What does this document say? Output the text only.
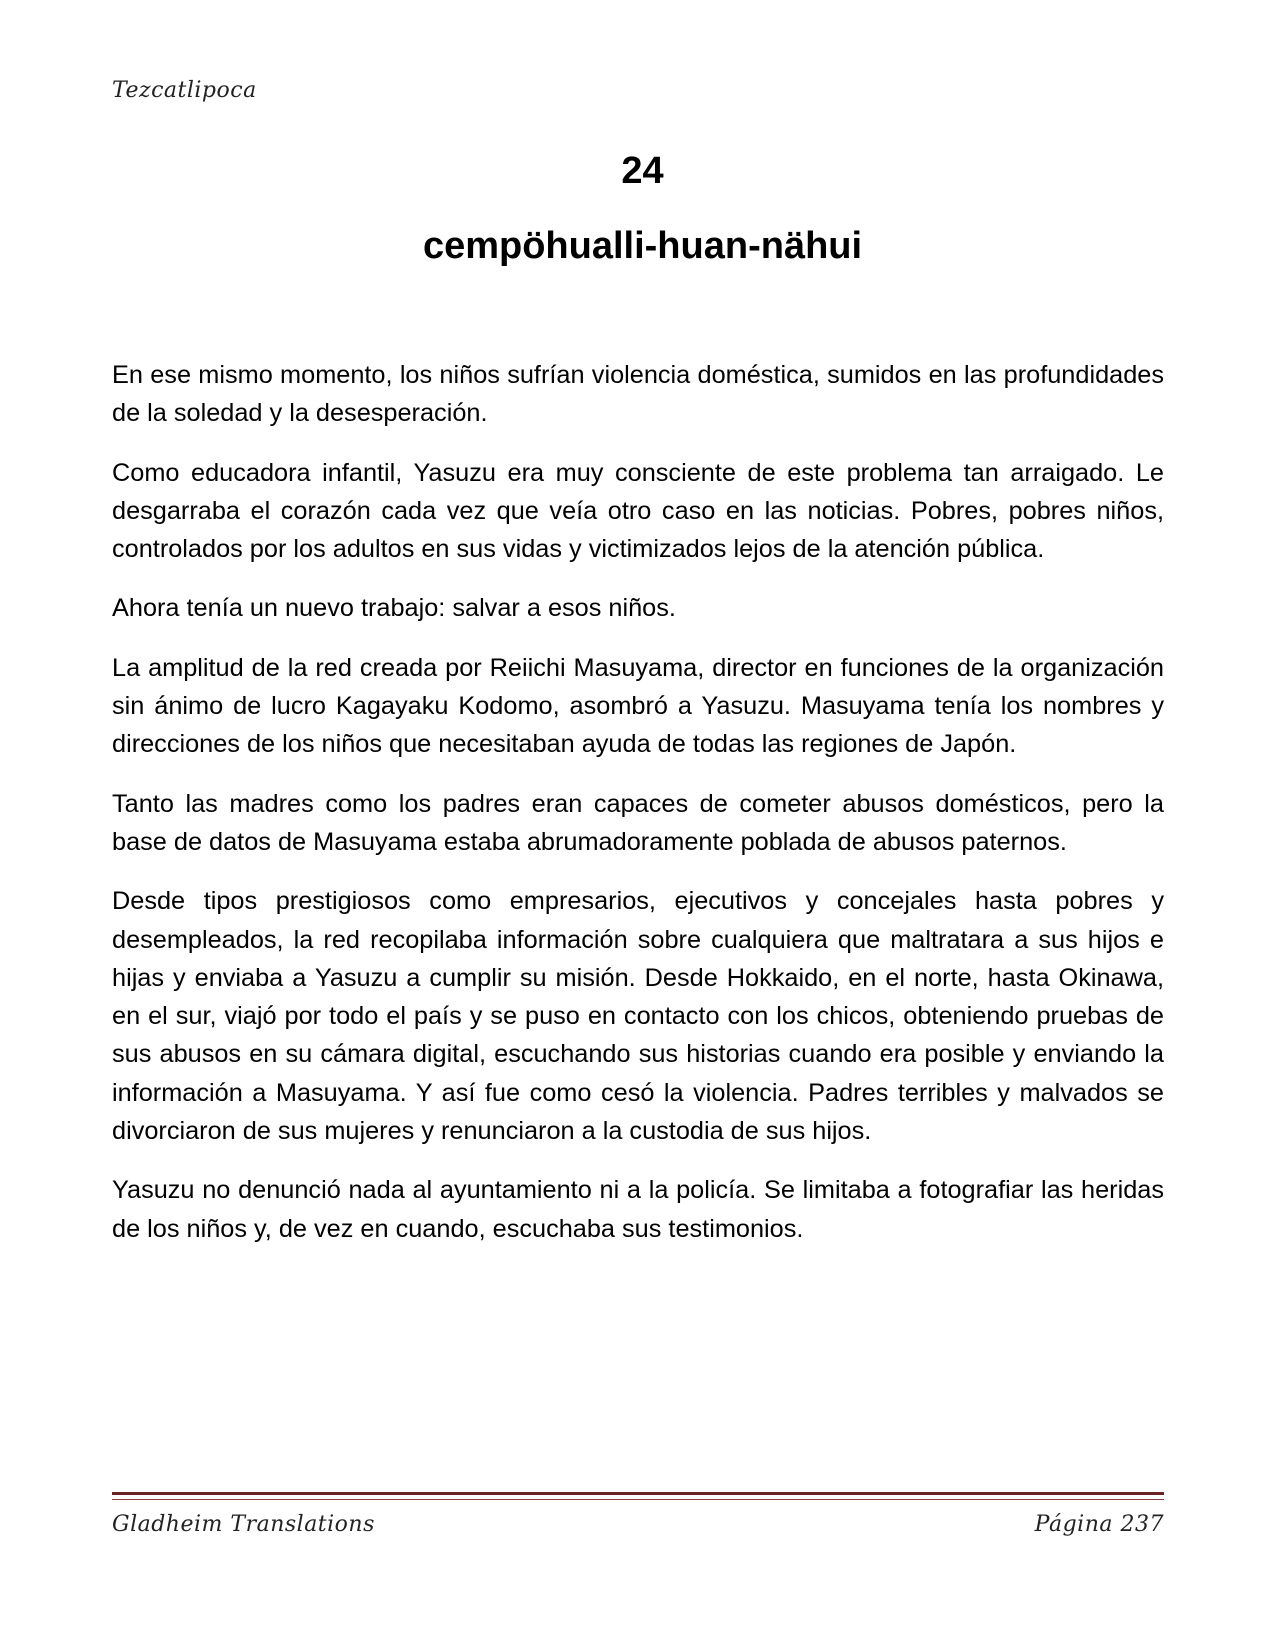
Tezcatlipoca
24
cempöhualli-huan-nähui

En ese mismo momento, los niños sufrían violencia doméstica, sumidos en las profundidades de la soledad y la desesperación.

Como educadora infantil, Yasuzu era muy consciente de este problema tan arraigado. Le desgarraba el corazón cada vez que veía otro caso en las noticias. Pobres, pobres niños, controlados por los adultos en sus vidas y victimizados lejos de la atención pública.

Ahora tenía un nuevo trabajo: salvar a esos niños.

La amplitud de la red creada por Reiichi Masuyama, director en funciones de la organización sin ánimo de lucro Kagayaku Kodomo, asombró a Yasuzu. Masuyama tenía los nombres y direcciones de los niños que necesitaban ayuda de todas las regiones de Japón.

Tanto las madres como los padres eran capaces de cometer abusos domésticos, pero la base de datos de Masuyama estaba abrumadoramente poblada de abusos paternos.

Desde tipos prestigiosos como empresarios, ejecutivos y concejales hasta pobres y desempleados, la red recopilaba información sobre cualquiera que maltratara a sus hijos e hijas y enviaba a Yasuzu a cumplir su misión. Desde Hokkaido, en el norte, hasta Okinawa, en el sur, viajó por todo el país y se puso en contacto con los chicos, obteniendo pruebas de sus abusos en su cámara digital, escuchando sus historias cuando era posible y enviando la información a Masuyama. Y así fue como cesó la violencia. Padres terribles y malvados se divorciaron de sus mujeres y renunciaron a la custodia de sus hijos.

Yasuzu no denunció nada al ayuntamiento ni a la policía. Se limitaba a fotografiar las heridas de los niños y, de vez en cuando, escuchaba sus testimonios.

Gladheim Translations	Página 237
